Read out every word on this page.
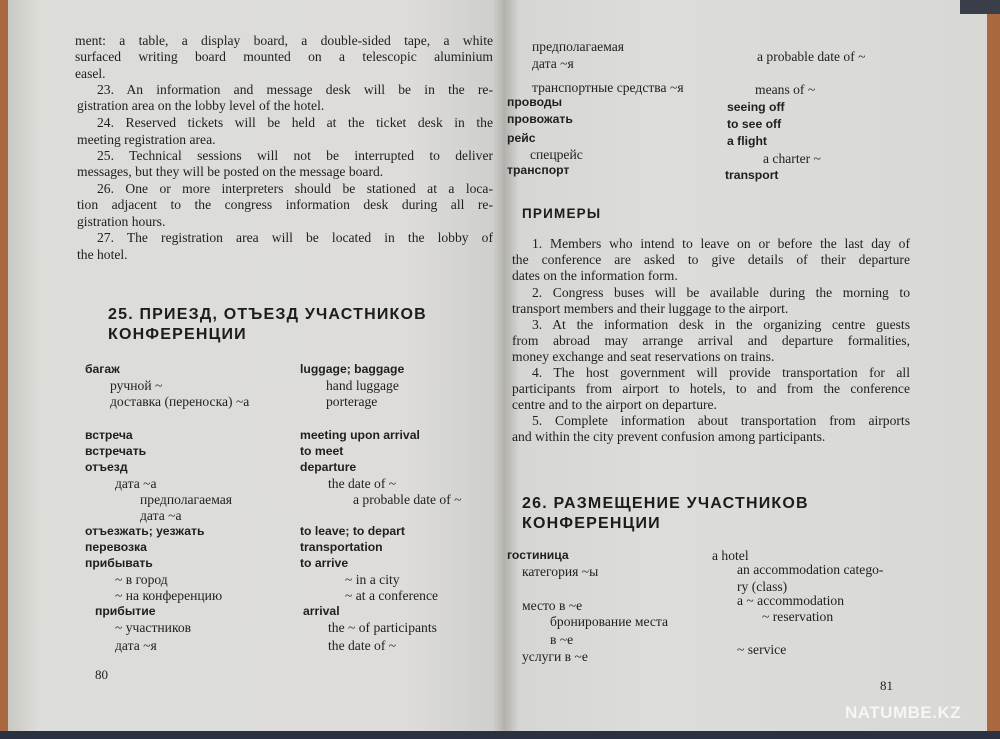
25. ПРИЕЗД, ОТЪЕЗД УЧАСТНИКОВ
КОНФЕРЕНЦИИ
80
ПРИМЕРЫ
26. РАЗМЕЩЕНИЕ УЧАСТНИКОВ
КОНФЕРЕНЦИИ
81
ment: a table, a display board, a double-sided tape, a white
surfaced writing board mounted on a telescopic aluminium
easel.
23. An information and message desk will be in the re-
gistration area on the lobby level of the hotel.
24. Reserved tickets will be held at the ticket desk in the
meeting registration area.
25. Technical sessions will not be interrupted to deliver
messages, but they will be posted on the message board.
26. One or more interpreters should be stationed at a loca-
tion adjacent to the congress information desk during all re-
gistration hours.
27. The registration area will be located in the lobby of
the hotel.
багаж	luggage; baggage
ручной ~	hand luggage
доставка (переноска) ~а	porterage
встреча	meeting upon arrival
встречать	to meet
отъезд	departure
дата ~а	the date of ~
предполагаемая	a probable date of ~
дата ~а
отъезжать; уезжать	to leave; to depart
перевозка	transportation
прибывать	to arrive
~ в город	~ in a city
~ на конференцию	~ at a conference
прибытие	arrival
~ участников	the ~ of participants
дата ~я	the date of ~
предполагаемая
a probable date of ~
дата ~я
транспортные средства ~я	means of ~
проводы	seeing off
провожать	to see off
рейс	a flight
спецрейс	a charter ~
транспорт	transport
1. Members who intend to leave on or before the last day of
the conference are asked to give details of their departure
dates on the information form.
2. Congress buses will be available during the morning to
transport members and their luggage to the airport.
3. At the information desk in the organizing centre guests
from abroad may arrange arrival and departure formalities,
money exchange and seat reservations on trains.
4. The host government will provide transportation for all
participants from airport to hotels, to and from the conference
centre and to the airport on departure.
5. Complete information about transportation from airports
and within the city prevent confusion among participants.
гостиница	a hotel
категория ~ы	an accommodation catego-
ry (class)
место в ~е	a ~ accommodation
бронирование места	~ reservation
в ~е
~ service
услуги в ~е
NATUMBE.KZ
